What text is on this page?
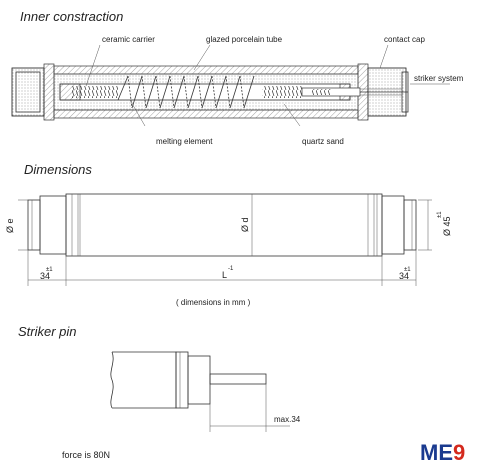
Inner constraction
ceramic carrier	glazed porcelain tube	contact cap
striker system
melting element	quartz sand
Dimensions
Ø e	Ø d	Ø 45
±1
±1
34
-1
L	±1
34
( dimensions in mm )
Striker pin
max.34
force is 80N	ME 9
